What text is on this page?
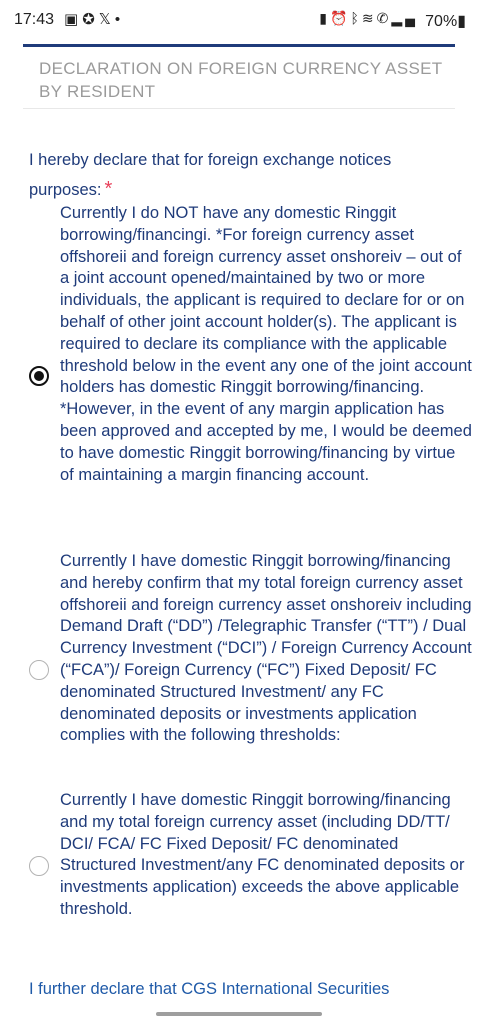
17:43 ▣✪𝕏•	▮⏰ᛒ≋✆▂▄ 70%▮
DECLARATION ON FOREIGN CURRENCY ASSET BY RESIDENT
I hereby declare that for foreign exchange notices purposes: *
Currently I do NOT have any domestic Ringgit borrowing/financingi. *For foreign currency asset offshoreii and foreign currency asset onshoreiv – out of a joint account opened/maintained by two or more individuals, the applicant is required to declare for or on behalf of other joint account holder(s). The applicant is required to declare its compliance with the applicable threshold below in the event any one of the joint account holders has domestic Ringgit borrowing/financing. *However, in the event of any margin application has been approved and accepted by me, I would be deemed to have domestic Ringgit borrowing/financing by virtue of maintaining a margin financing account.
Currently I have domestic Ringgit borrowing/financing and hereby confirm that my total foreign currency asset offshoreii and foreign currency asset onshoreiv including Demand Draft (“DD”) /Telegraphic Transfer (“TT”) / Dual Currency Investment (“DCI”) / Foreign Currency Account (“FCA”)/ Foreign Currency (“FC”) Fixed Deposit/ FC denominated Structured Investment/ any FC denominated deposits or investments application complies with the following thresholds:
Currently I have domestic Ringgit borrowing/financing and my total foreign currency asset (including DD/TT/ DCI/ FCA/ FC Fixed Deposit/ FC denominated Structured Investment/any FC denominated deposits or investments application) exceeds the above applicable threshold.
I further declare that CGS International Securities
